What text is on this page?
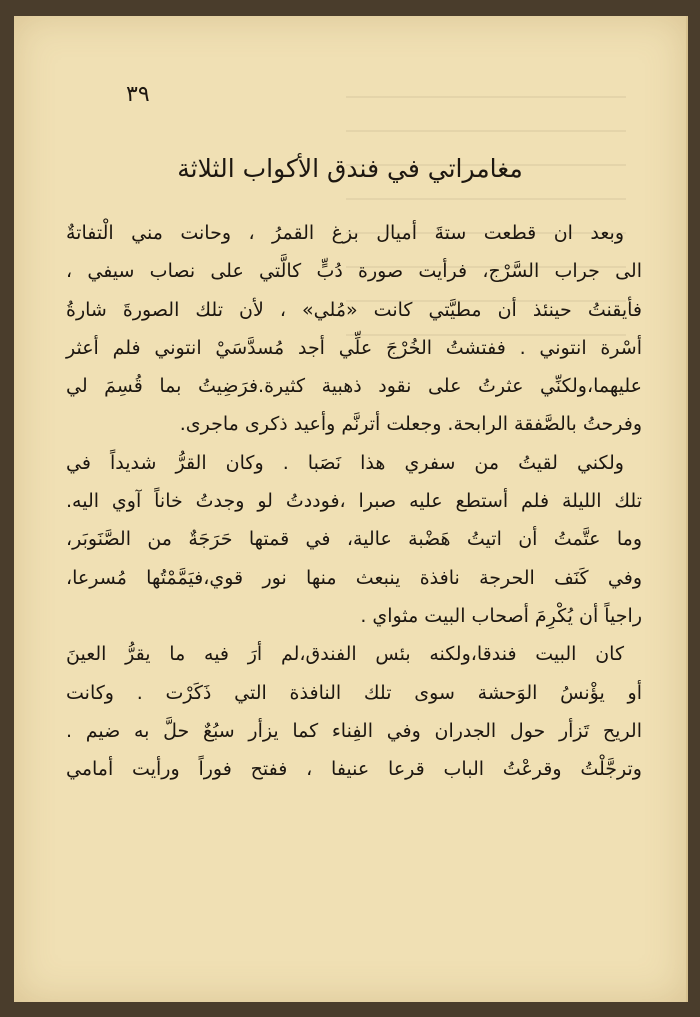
٣٩
مغامراتي في فندق الأكواب الثلاثة
وبعد ان قطعت ستةَ أميال بزغ القمرُ ، وحانت مني الْتفاتةٌ
الى جراب السَّرْج، فرأيت صورة دُبٍّ كالَّتي على نصاب سيفي ،
فأيقنتُ حينئذ أن مطيَّتي كانت «مُلي» ، لأن تلك الصورةَ شارةُ
أسْرة انتوني . ففتشتُ الخُرْجَ علِّي أجد مُسدَّسَيْ انتوني فلم أعثر
عليهما،ولكنِّي عثرتُ على نقود ذهبية كثيرة.فرَضِيتُ بما قُسِمَ لي
وفرحتُ بالصَّفقة الرابحة. وجعلت أترنَّم وأعيد ذكرى ماجرى.
ولكني لقيتُ من سفري هذا نَصَبا . وكان القرُّ شديداً في
تلك الليلة فلم أستطع عليه صبرا ،فوددتُ لو وجدتُ خاناً آوي اليه.
وما عتَّمتُ أن اتيتُ هَضْبة عالية، في قمتها حَرَجَةٌ من الصَّنَوبَر،
وفي كَنَف الحرجة نافذة ينبعث منها نور قوي،فيَمَّمْتُها مُسرعا،
راجياً أن يُكْرِمَ أصحاب البيت مثواي .
كان البيت فندقا،ولكنه بئس الفندق،لم أرَ فيه ما يقرُّ العينَ
أو يؤْنسُ الوَحشة سوى تلك النافذة التي ذَكَرْت . وكانت
الريح تَزأر حول الجدران وفي الفِناء كما يزأر سبُعٌ حلَّ به ضيم .
وترجَّلْتُ وقرعْتُ الباب قرعا عنيفا ، ففتح فوراً ورأيت أمامي
